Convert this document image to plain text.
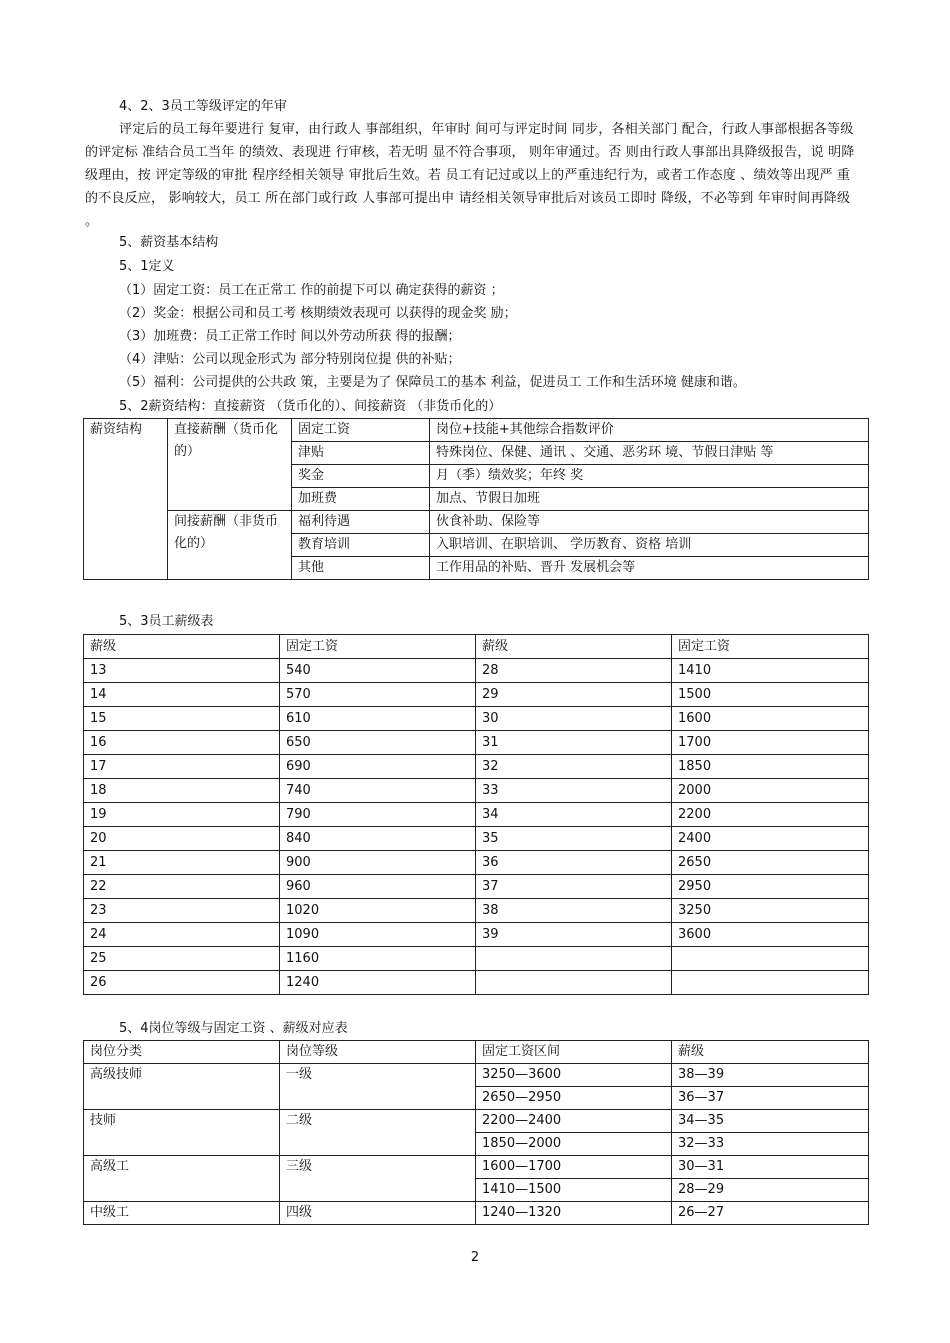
4、2、3员工等级评定的年审
评定后的员工每年要进行 复审，由行政人 事部组织，年审时 间可与评定时间 同步，各相关部门 配合，行政人事部根据各等级的评定标 准结合员工当年 的绩效、表现进 行审核，若无明 显不符合事项， 则年审通过。否 则由行政人事部出具降级报告，说 明降级理由，按 评定等级的审批 程序经相关领导 审批后生效。若 员工有记过或以上的严重违纪行为，或者工作态度 、绩效等出现严 重的不良反应， 影响较大，员工 所在部门或行政 人事部可提出申 请经相关领导审批后对该员工即时 降级，不必等到 年审时间再降级 。
5、薪资基本结构
5、1定义
（1）固定工资：员工在正常工 作的前提下可以 确定获得的薪资 ；
（2）奖金：根据公司和员工考 核期绩效表现可 以获得的现金奖 励；
（3）加班费：员工正常工作时 间以外劳动所获 得的报酬；
（4）津贴：公司以现金形式为 部分特别岗位提 供的补贴；
（5）福利：公司提供的公共政 策，主要是为了 保障员工的基本 利益，促进员工 工作和生活环境 健康和谐。
5、2薪资结构：直接薪资 （货币化的）、间接薪资 （非货币化的）
薪资结构	直接薪酬（货币化的）	固定工资	岗位+技能+其他综合指数评价
		津贴	特殊岗位、保健、通讯 、交通、恶劣环 境、节假日津贴 等
		奖金	月（季）绩效奖；年终 奖
		加班费	加点、节假日加班
	间接薪酬（非货币化的）	福利待遇	伙食补助、保险等
		教育培训	入职培训、在职培训、 学历教育、资格 培训
		其他	工作用品的补贴、晋升 发展机会等
5、3员工薪级表
薪级	固定工资	薪级	固定工资
13	540	28	1410
14	570	29	1500
15	610	30	1600
16	650	31	1700
17	690	32	1850
18	740	33	2000
19	790	34	2200
20	840	35	2400
21	900	36	2650
22	960	37	2950
23	1020	38	3250
24	1090	39	3600
25	1160		
26	1240		
5、4岗位等级与固定工资 、薪级对应表
岗位分类	岗位等级	固定工资区间	薪级
高级技师	一级	3250—3600	38—39
		2650—2950	36—37
技师	二级	2200—2400	34—35
		1850—2000	32—33
高级工	三级	1600—1700	30—31
		1410—1500	28—29
中级工	四级	1240—1320	26—27
2
